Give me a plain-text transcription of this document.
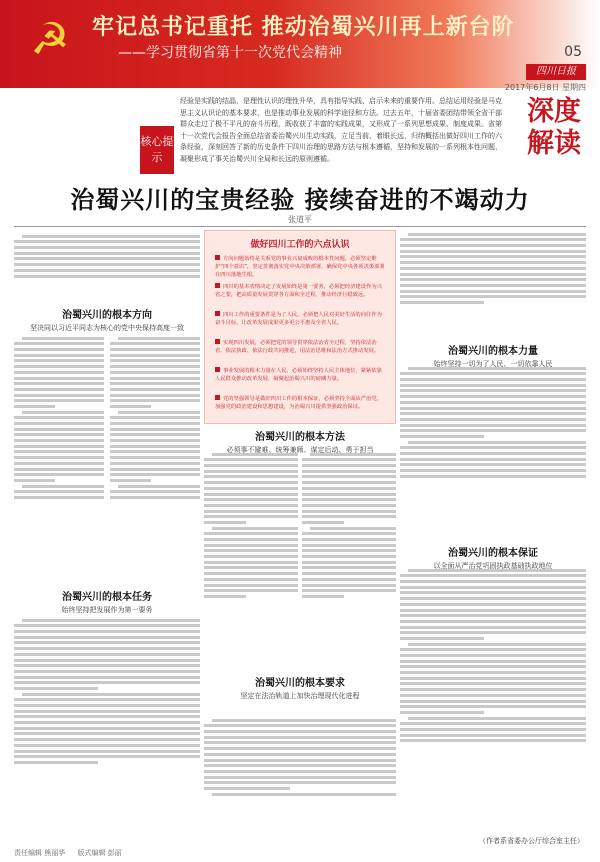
☭	牢记总书记重托 推动治蜀兴川再上新台阶
——学习贯彻省第十一次党代会精神	05
四川日报
2017年6月8日 星期四
深度解读
核心提示
经验是实践的结晶，是理性认识的理性升华，具有指导实践、启示未来的重要作用。总结运用经验是马克思主义认识论的基本要求，也是推动事业发展的科学途径和方法。过去五年，十届省委团结带领全省干部群众走过了极不平凡的奋斗历程，既收获了丰富的实践成果，又形成了一系列思想成果、制度成果。省第十一次党代会报告全面总结省委治蜀兴川生动实践，立足当前、着眼长远，归纳概括出做好四川工作的六条经验，深刻回答了新的历史条件下四川治理的思路方法与根本遵循，坚持和发展的一系列根本性问题，凝聚形成了事关治蜀兴川全局和长远的原则遵循。
治蜀兴川的宝贵经验 接续奋进的不竭动力
张道平
做好四川工作的六点认识
方向问题始终是关系党的事业兴衰成败的根本性问题，必须坚定维护“四个意识”，坚定贯彻落实党中央决策部署，确保党中央各项决策部署在四川落地生根。
四川的基本省情决定了发展始终是第一要务，必须把经济建设作为兴省之要，把高质量发展贯穿各方面和全过程，推动经济行稳致远。
四川工作的重要条件是为了人民，必须把人民对美好生活的向往作为奋斗目标，让改革发展成果更多更公平惠及全省人民。
实现四川发展，必须把党的领导贯穿依法治省全过程，坚持依法治省、依法执政、依法行政共同推进，用法治思维和法治方式推动发展。
事业发展的根本力量在人民，必须始终坚持人民主体地位，紧紧依靠人民群众推动改革发展，凝聚起治蜀兴川的磅礴力量。
党的坚强领导是做好四川工作的根本保证，必须坚持全面从严治党，加强党的政治建设和思想建设，为治蜀兴川提供坚强政治保证。
治蜀兴川的根本方向
坚决同以习近平同志为核心的党中央保持高度一致
治蜀兴川的根本力量
始终坚持一切为了人民、一切依靠人民
治蜀兴川的根本方法
必须事不避难、统筹兼顾、谋定后动、勇于担当
治蜀兴川的根本任务
始终坚持把发展作为第一要务
治蜀兴川的根本保证
以全面从严治党巩固执政基础执政地位
治蜀兴川的根本要求
坚定在法治轨道上加快治理现代化进程
（作者系省委办公厅综合室主任）
责任编辑 熊丽华 版式编辑 彭丽
